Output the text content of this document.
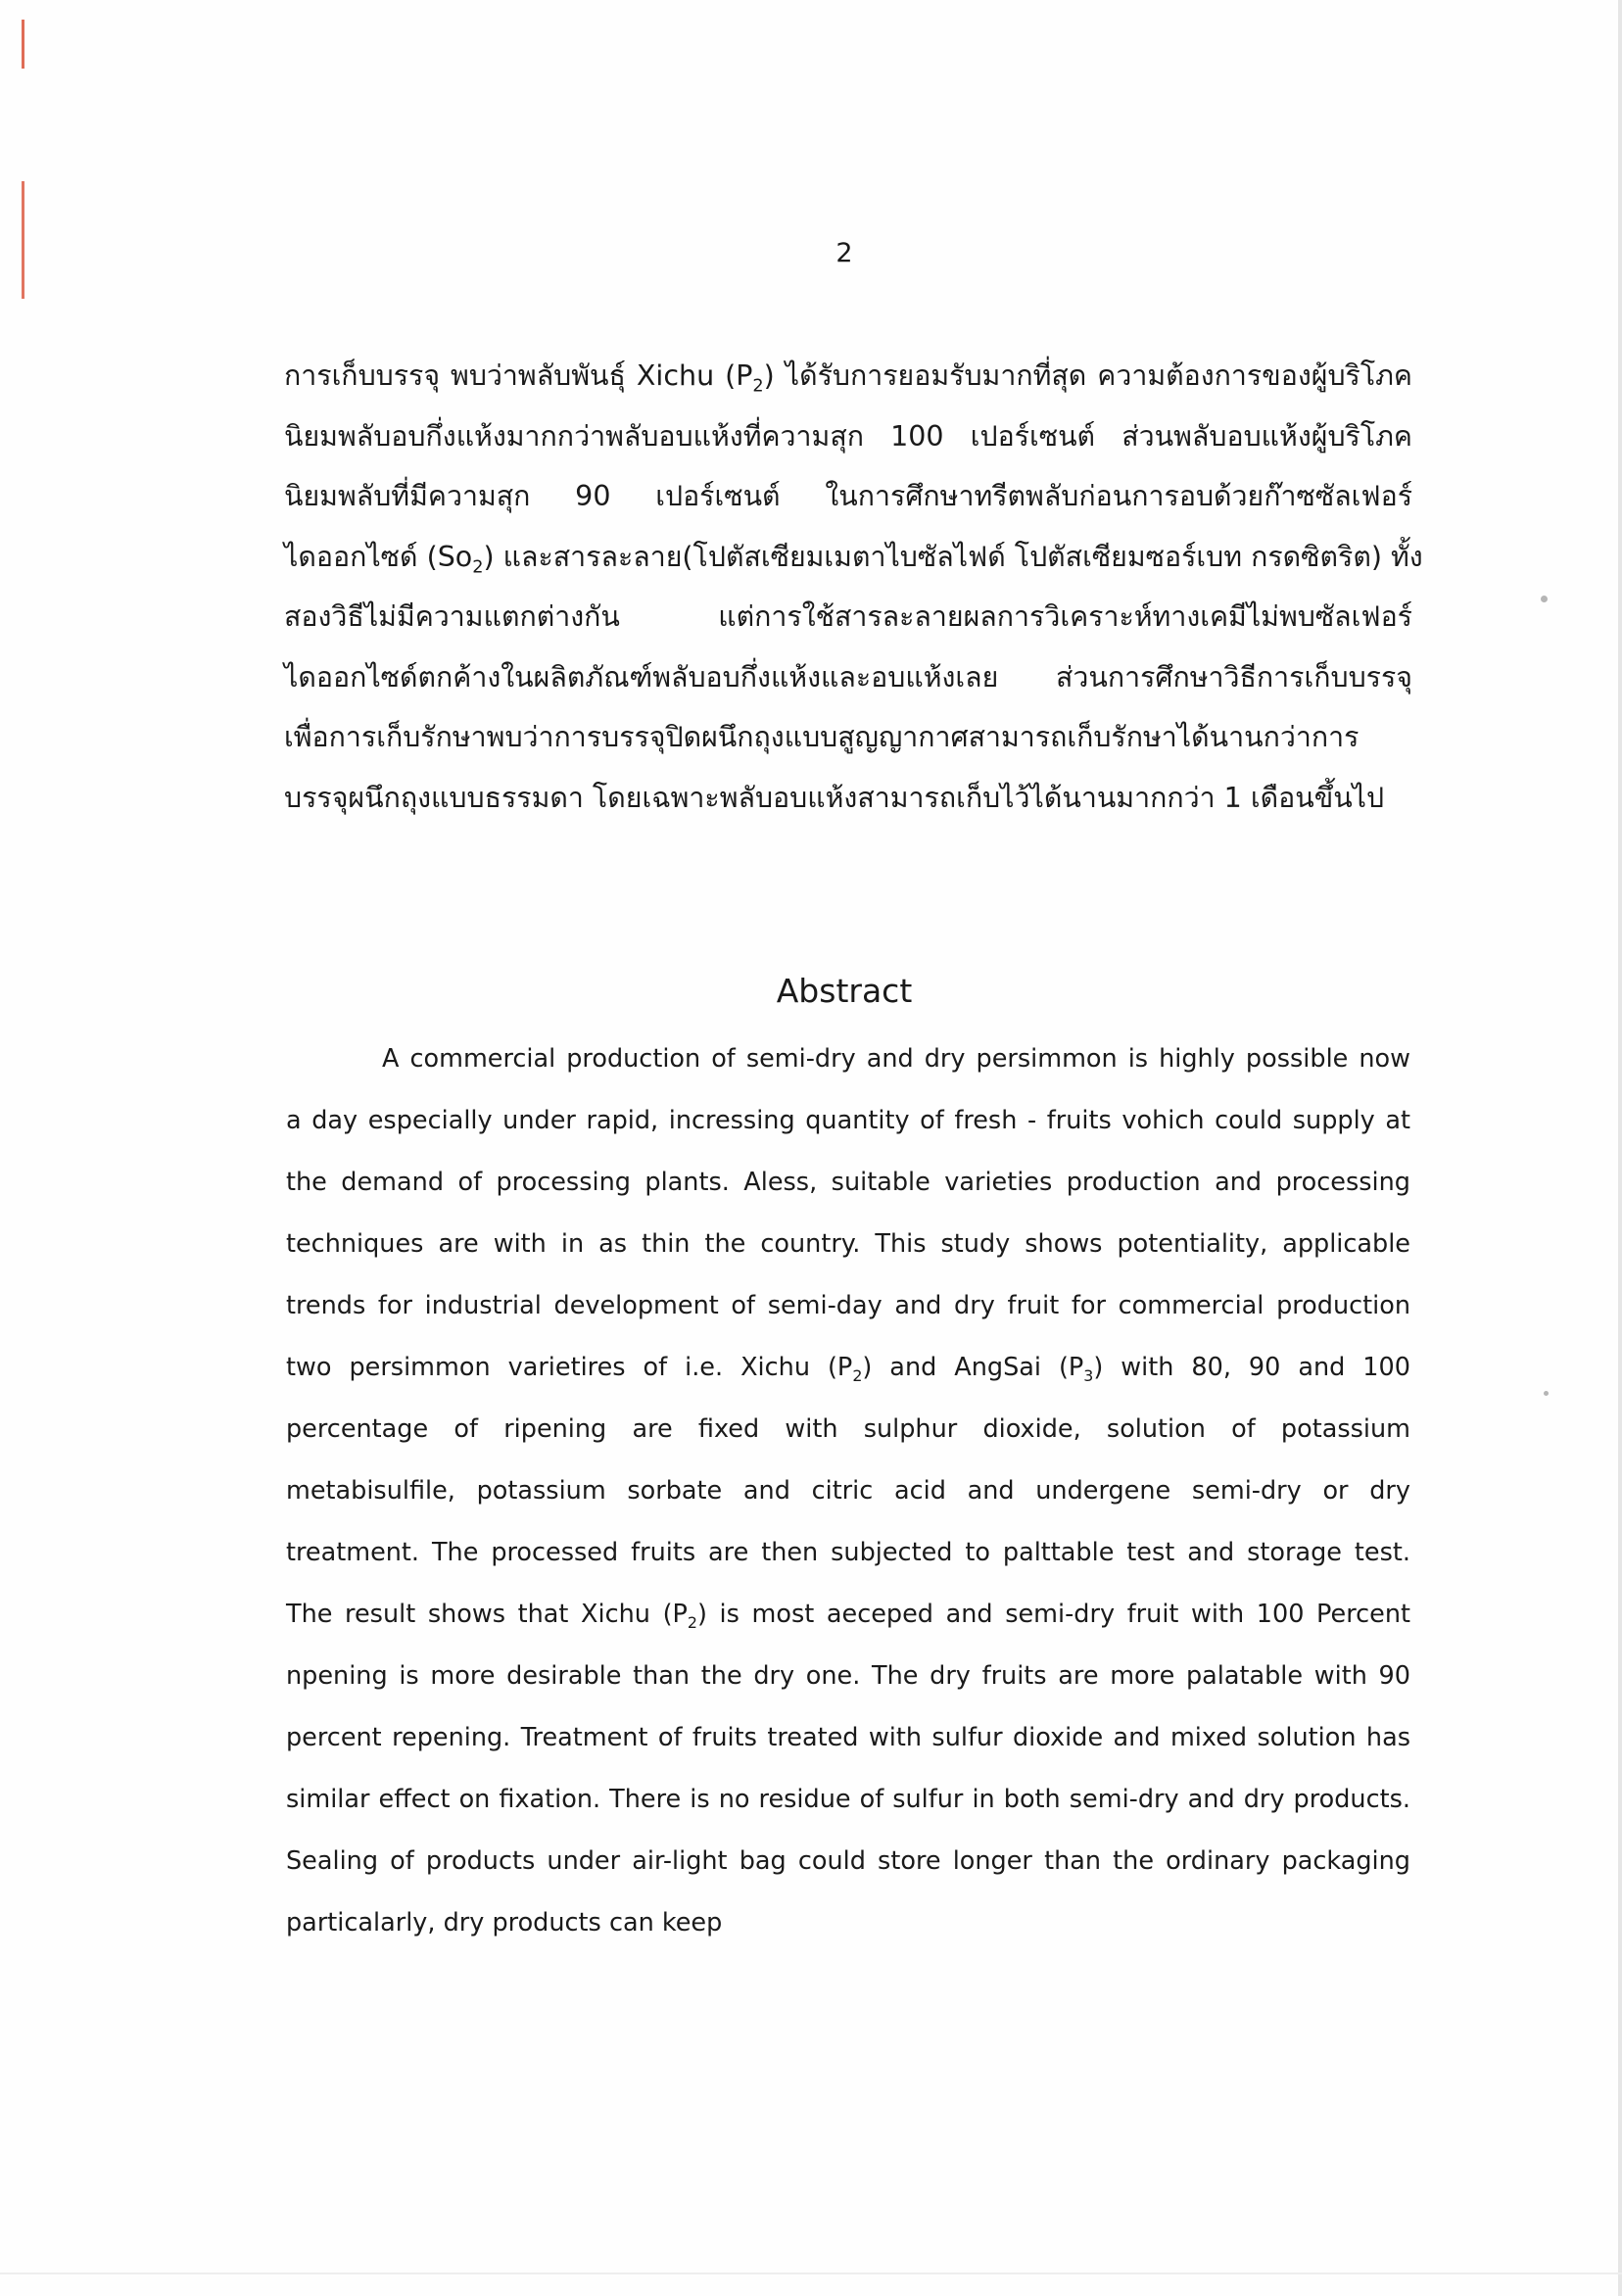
2
การเก็บบรรจุ พบว่าพลับพันธุ์ Xichu $(P_2)$ ได้รับการยอมรับมากที่สุด ความต้องการของผู้บริโภค
นิยมพลับอบกึ่งแห้งมากกว่าพลับอบแห้งที่ความสุก 100 เปอร์เซนต์ ส่วนพลับอบแห้งผู้บริโภค
นิยมพลับที่มีความสุก 90 เปอร์เซนต์ ในการศึกษาทรีตพลับก่อนการอบด้วยก๊าซซัลเฟอร์
ไดออกไซด์ $(So_2)$ และสารละลาย(โปตัสเซียมเมตาไบซัลไฟด์ โปตัสเซียมซอร์เบท กรดซิตริต) ทั้ง
สองวิธีไม่มีความแตกต่างกัน แต่การใช้สารละลายผลการวิเคราะห์ทางเคมีไม่พบซัลเฟอร์
ไดออกไซด์ตกค้างในผลิตภัณฑ์พลับอบกึ่งแห้งและอบแห้งเลย ส่วนการศึกษาวิธีการเก็บบรรจุ
เพื่อการเก็บรักษาพบว่าการบรรจุปิดผนึกถุงแบบสูญญากาศสามารถเก็บรักษาได้นานกว่าการ
บรรจุผนึกถุงแบบธรรมดา โดยเฉพาะพลับอบแห้งสามารถเก็บไว้ได้นานมากกว่า 1 เดือนขึ้นไป
Abstract
A commercial production of semi-dry and dry persimmon is highly possible now
a day especially under rapid, incressing quantity of fresh - fruits vohich could supply at
the demand of processing plants. Aless, suitable varieties production and processing
techniques are with in as thin the country. This study shows potentiality, applicable
trends for industrial development of semi-day and dry fruit for commercial production
two persimmon varietires of i.e. Xichu $(P_2)$ and AngSai $(P_3)$ with 80, 90 and 100
percentage of ripening are fixed with sulphur dioxide, solution of potassium
metabisulfile, potassium sorbate and citric acid and undergene semi-dry or dry
treatment. The processed fruits are then subjected to palttable test and storage test.
The result shows that Xichu $(P_2)$ is most aeceped and semi-dry fruit with 100 Percent
npening is more desirable than the dry one. The dry fruits are more palatable with 90
percent repening. Treatment of fruits treated with sulfur dioxide and mixed solution has
similar effect on fixation. There is no residue of sulfur in both semi-dry and dry products.
Sealing of products under air-light bag could store longer than the ordinary packaging
particalarly, dry products can keep
